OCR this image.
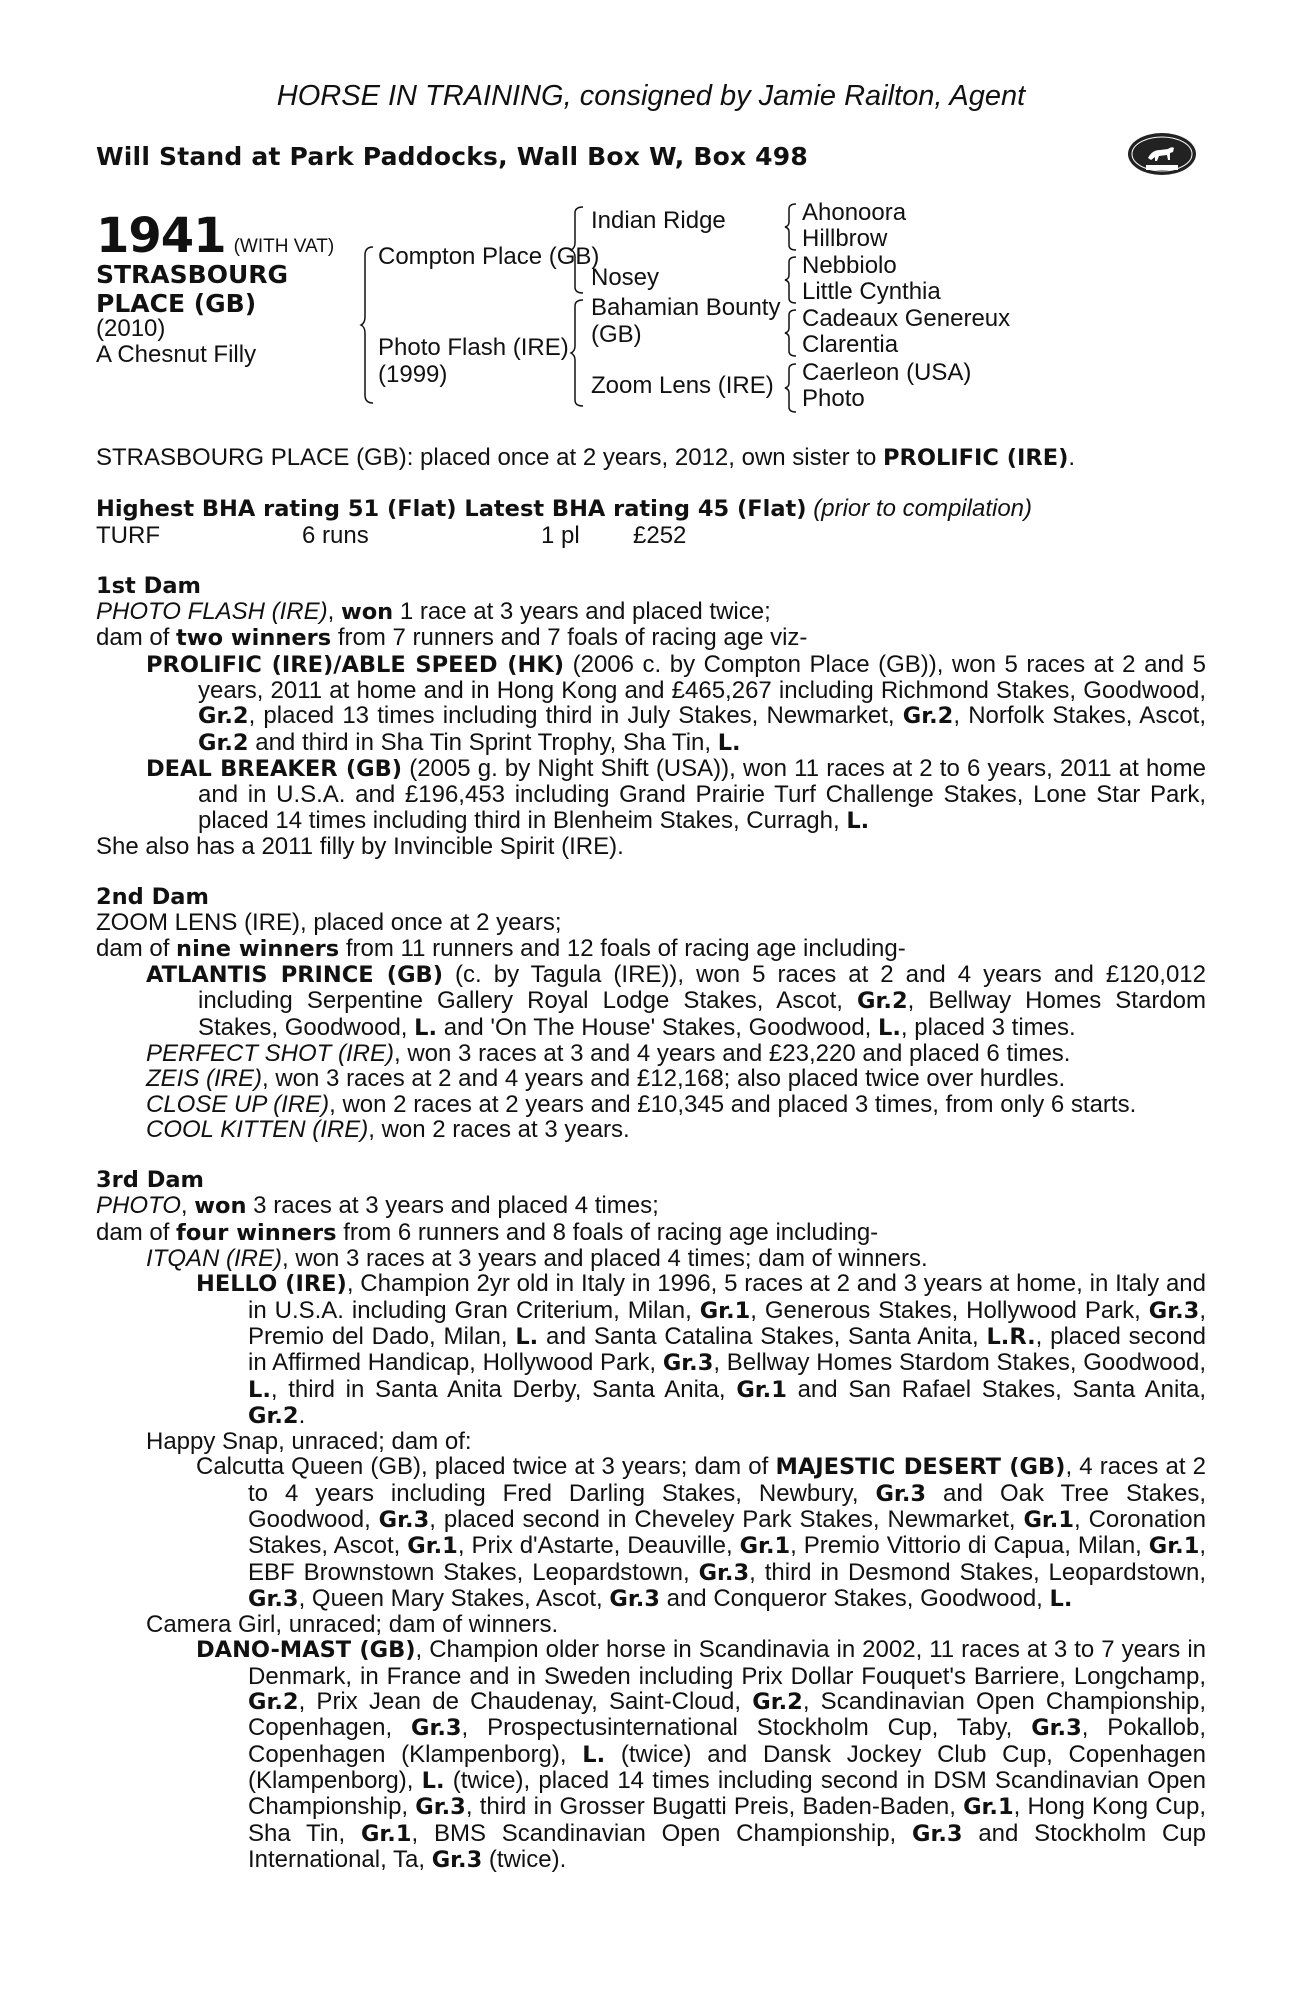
HORSE IN TRAINING, consigned by Jamie Railton, Agent
Will Stand at Park Paddocks, Wall Box W, Box 498
1941 (WITH VAT)
STRASBOURG
PLACE (GB)
(2010)
A Chesnut Filly
Compton Place (GB)
Photo Flash (IRE)
(1999)
Indian Ridge
Nosey
Bahamian Bounty
(GB)
Zoom Lens (IRE)
Ahonoora
Hillbrow
Nebbiolo
Little Cynthia
Cadeaux Genereux
Clarentia
Caerleon (USA)
Photo

STRASBOURG PLACE (GB): placed once at 2 years, 2012, own sister to PROLIFIC (IRE).

Highest BHA rating 51 (Flat) Latest BHA rating 45 (Flat) (prior to compilation)

TURF	6 runs	1 pl	£252

1st Dam

PHOTO FLASH (IRE), won 1 race at 3 years and placed twice;

dam of two winners from 7 runners and 7 foals of racing age viz-

PROLIFIC (IRE)/ABLE SPEED (HK) (2006 c. by Compton Place (GB)), won 5 races at 2 and 5 years, 2011 at home and in Hong Kong and £465,267 including Richmond Stakes, Goodwood, Gr.2, placed 13 times including third in July Stakes, Newmarket, Gr.2, Norfolk Stakes, Ascot, Gr.2 and third in Sha Tin Sprint Trophy, Sha Tin, L.

DEAL BREAKER (GB) (2005 g. by Night Shift (USA)), won 11 races at 2 to 6 years, 2011 at home and in U.S.A. and £196,453 including Grand Prairie Turf Challenge Stakes, Lone Star Park, placed 14 times including third in Blenheim Stakes, Curragh, L.

She also has a 2011 filly by Invincible Spirit (IRE).

2nd Dam

ZOOM LENS (IRE), placed once at 2 years;

dam of nine winners from 11 runners and 12 foals of racing age including-

ATLANTIS PRINCE (GB) (c. by Tagula (IRE)), won 5 races at 2 and 4 years and £120,012 including Serpentine Gallery Royal Lodge Stakes, Ascot, Gr.2, Bellway Homes Stardom Stakes, Goodwood, L. and 'On The House' Stakes, Goodwood, L., placed 3 times.

PERFECT SHOT (IRE), won 3 races at 3 and 4 years and £23,220 and placed 6 times.

ZEIS (IRE), won 3 races at 2 and 4 years and £12,168; also placed twice over hurdles.

CLOSE UP (IRE), won 2 races at 2 years and £10,345 and placed 3 times, from only 6 starts.

COOL KITTEN (IRE), won 2 races at 3 years.

3rd Dam

PHOTO, won 3 races at 3 years and placed 4 times;

dam of four winners from 6 runners and 8 foals of racing age including-

ITQAN (IRE), won 3 races at 3 years and placed 4 times; dam of winners.

HELLO (IRE), Champion 2yr old in Italy in 1996, 5 races at 2 and 3 years at home, in Italy and in U.S.A. including Gran Criterium, Milan, Gr.1, Generous Stakes, Hollywood Park, Gr.3, Premio del Dado, Milan, L. and Santa Catalina Stakes, Santa Anita, L.R., placed second in Affirmed Handicap, Hollywood Park, Gr.3, Bellway Homes Stardom Stakes, Goodwood, L., third in Santa Anita Derby, Santa Anita, Gr.1 and San Rafael Stakes, Santa Anita, Gr.2.

Happy Snap, unraced; dam of:

Calcutta Queen (GB), placed twice at 3 years; dam of MAJESTIC DESERT (GB), 4 races at 2 to 4 years including Fred Darling Stakes, Newbury, Gr.3 and Oak Tree Stakes, Goodwood, Gr.3, placed second in Cheveley Park Stakes, Newmarket, Gr.1, Coronation Stakes, Ascot, Gr.1, Prix d'Astarte, Deauville, Gr.1, Premio Vittorio di Capua, Milan, Gr.1, EBF Brownstown Stakes, Leopardstown, Gr.3, third in Desmond Stakes, Leopardstown, Gr.3, Queen Mary Stakes, Ascot, Gr.3 and Conqueror Stakes, Goodwood, L.

Camera Girl, unraced; dam of winners.

DANO-MAST (GB), Champion older horse in Scandinavia in 2002, 11 races at 3 to 7 years in Denmark, in France and in Sweden including Prix Dollar Fouquet's Barriere, Longchamp, Gr.2, Prix Jean de Chaudenay, Saint-Cloud, Gr.2, Scandinavian Open Championship, Copenhagen, Gr.3, Prospectusinternational Stockholm Cup, Taby, Gr.3, Pokallob, Copenhagen (Klampenborg), L. (twice) and Dansk Jockey Club Cup, Copenhagen (Klampenborg), L. (twice), placed 14 times including second in DSM Scandinavian Open Championship, Gr.3, third in Grosser Bugatti Preis, Baden-Baden, Gr.1, Hong Kong Cup, Sha Tin, Gr.1, BMS Scandinavian Open Championship, Gr.3 and Stockholm Cup International, Ta, Gr.3 (twice).
